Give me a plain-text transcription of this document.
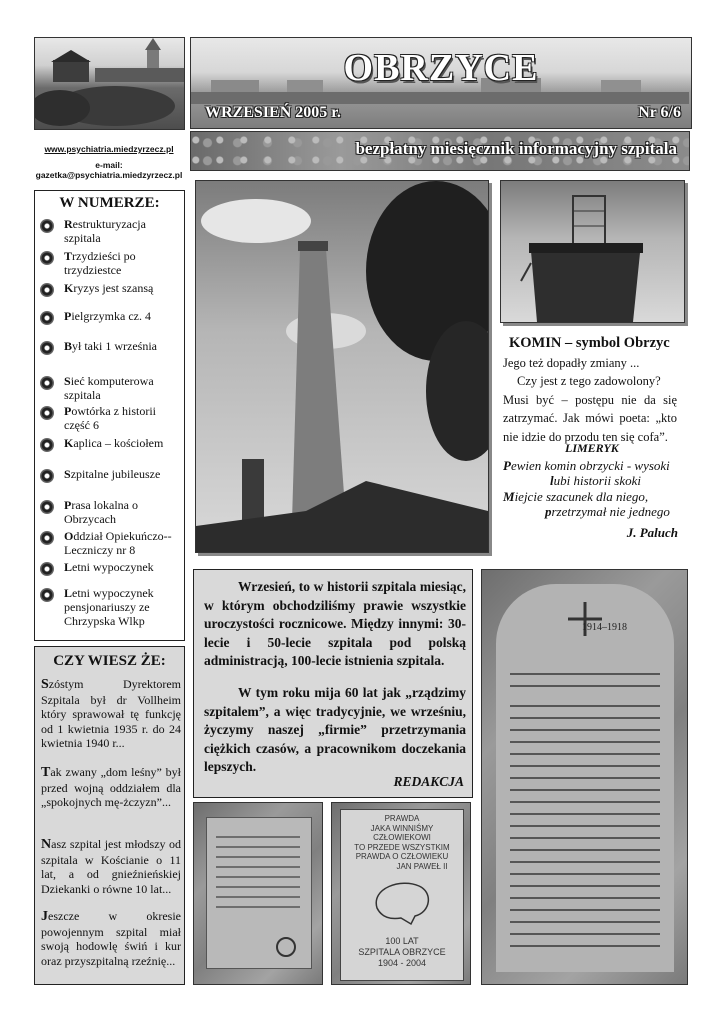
OBRZYCE
WRZESIEŃ 2005 r.	Nr 6/6
bezpłatny miesięcznik informacyjny szpitala
www.psychiatria.miedzyrzecz.pl
e-mail:
gazetka@psychiatria.miedzyrzecz.pl
W NUMERZE:
Restrukturyzacja szpitala
Trzydzieści po trzydziestce
Kryzys jest szansą
Pielgrzymka cz. 4
Był taki 1 września
Sieć komputerowa szpitala
Powtórka z historii część 6
Kaplica – kościołem
Szpitalne jubileusze
Prasa lokalna o Obrzycach
Oddział Opiekuńczo--Leczniczy nr 8
Letni wypoczynek
Letni wypoczynek pensjonariuszy ze Chrzypska Wlkp
CZY WIESZ ŻE:
Szóstym Dyrektorem Szpitala był dr Vollheim który sprawował tę funkcję od 1 kwietnia 1935 r. do 24 kwietnia 1940 r...
Tak zwany „dom leśny” był przed wojną oddziałem dla „spokojnych mę-żczyzn”...
Nasz szpital jest młodszy od szpitala w Kościanie o 11 lat, a od gnieźnieńskiej Dziekanki o równe 10 lat...
Jeszcze w okresie powojennym szpital miał swoją hodowlę świń i kur oraz przyszpitalną rzeźnię...
KOMIN – symbol Obrzyc

Jego też dopadły zmiany ...

Czy jest z tego zadowolony?

Musi być – postępu nie da się zatrzymać. Jak mówi poeta: „kto nie idzie do przodu ten się cofa”.

LIMERYK
Pewien komin obrzycki - wysoki
lubi historii skoki
Miejcie szacunek dla niego,
przetrzymał nie jednego
J. Paluch
Wrzesień, to w historii szpitala miesiąc, w którym obchodziliśmy prawie wszystkie uroczystości rocznicowe. Między innymi: 30-lecie i 50-lecie szpitala pod polską administracją, 100-lecie istnienia szpitala.
W tym roku mija 60 lat jak „rządzimy szpitalem”, a więc tradycyjnie, we wrześniu, życzymy naszej „firmie” przetrzymania ciężkich czasów, a pracownikom doczekania lepszych.
REDAKCJA
PRAWDA
JAKA WINNIŚMY
CZŁOWIEKOWI
TO PRZEDE WSZYSTKIM
PRAWDA O CZŁOWIEKU
JAN PAWEŁ II
100 LAT
SZPITALA OBRZYCE
1904 - 2004
1914–1918
